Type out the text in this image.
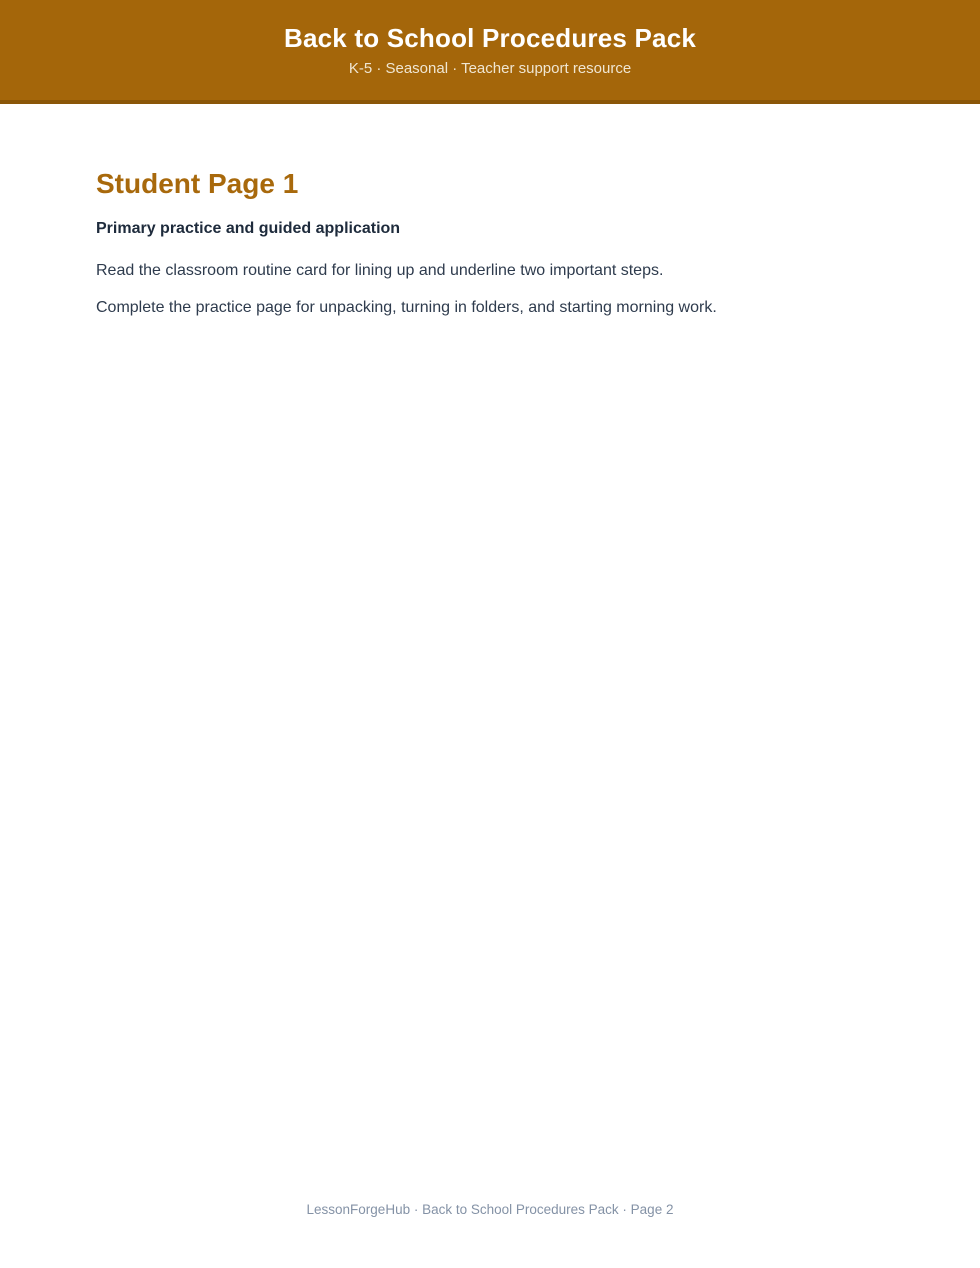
Back to School Procedures Pack
K-5 · Seasonal · Teacher support resource
Student Page 1
Primary practice and guided application

Read the classroom routine card for lining up and underline two important steps.

Complete the practice page for unpacking, turning in folders, and starting morning work.

LessonForgeHub · Back to School Procedures Pack · Page 2
